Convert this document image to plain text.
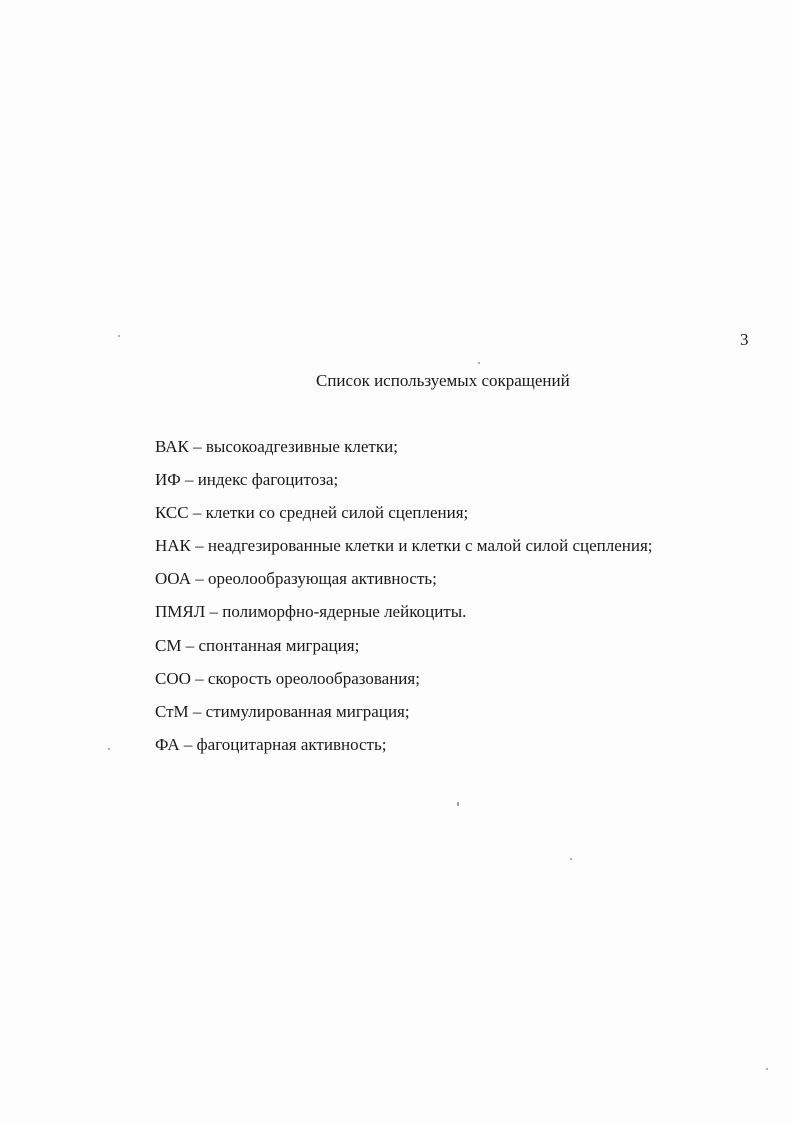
3
Список используемых сокращений
ВАК – высокоадгезивные клетки;
ИФ – индекс фагоцитоза;
КСС – клетки со средней силой сцепления;
НАК – неадгезированные клетки и клетки с малой силой сцепления;
ООА – ореолообразующая активность;
ПМЯЛ – полиморфно-ядерные лейкоциты.
СМ – спонтанная миграция;
СОО – скорость ореолообразования;
СтМ – стимулированная миграция;
ФА – фагоцитарная активность;
